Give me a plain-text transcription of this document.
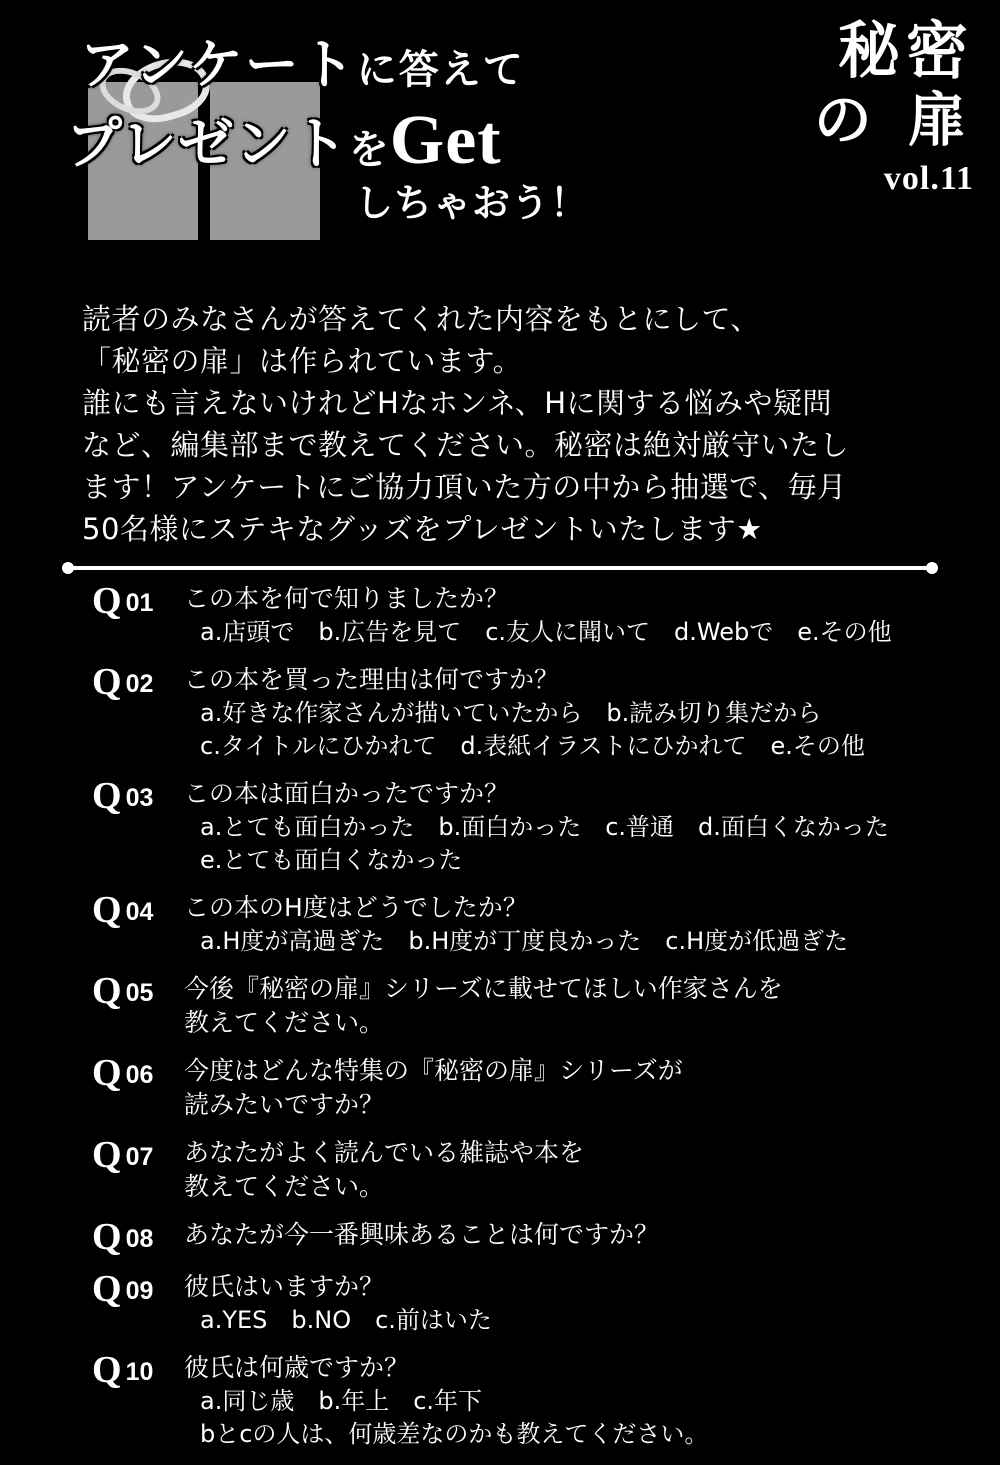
アンケートに答えて
プレゼントをGet
しちゃおう！
秘密
の 扉
vol.11
読者のみなさんが答えてくれた内容をもとにして、
「秘密の扉」は作られています。
誰にも言えないけれどHなホンネ、Hに関する悩みや疑問
など、編集部まで教えてください。秘密は絶対厳守いたし
ます！アンケートにご協力頂いた方の中から抽選で、毎月
50名様にステキなグッズをプレゼントいたします★
Q 01	この本を何で知りましたか？
a.店頭で　b.広告を見て　c.友人に聞いて　d.Webで　e.その他
Q 02	この本を買った理由は何ですか？
a.好きな作家さんが描いていたから　b.読み切り集だから
c.タイトルにひかれて　d.表紙イラストにひかれて　e.その他
Q 03	この本は面白かったですか？
a.とても面白かった　b.面白かった　c.普通　d.面白くなかった
e.とても面白くなかった
Q 04	この本のH度はどうでしたか？
a.H度が高過ぎた　b.H度が丁度良かった　c.H度が低過ぎた
Q 05	今後『秘密の扉』シリーズに載せてほしい作家さんを
教えてください。
Q 06	今度はどんな特集の『秘密の扉』シリーズが
読みたいですか？
Q 07	あなたがよく読んでいる雑誌や本を
教えてください。
Q 08	あなたが今一番興味あることは何ですか？
Q 09	彼氏はいますか？
a.YES　b.NO　c.前はいた
Q 10	彼氏は何歳ですか？
a.同じ歳　b.年上　c.年下
bとcの人は、何歳差なのかも教えてください。
